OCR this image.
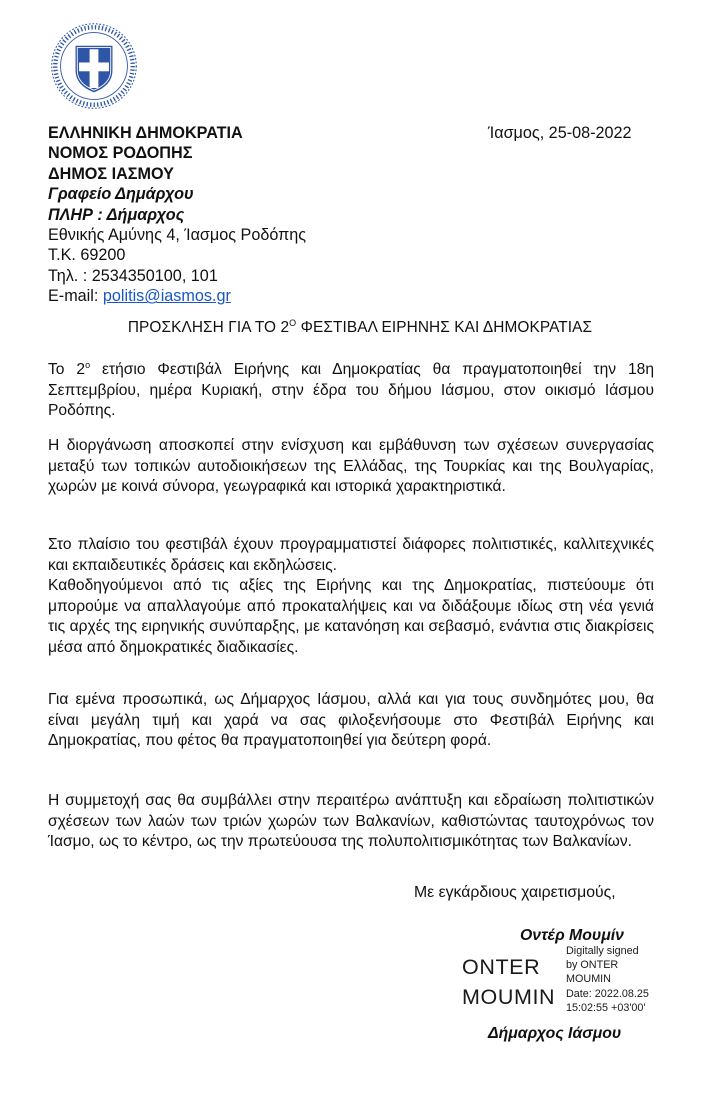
ΕΛΛΗΝΙΚΗ ΔΗΜΟΚΡΑΤΙΑ
ΝΟΜΟΣ ΡΟΔΟΠΗΣ
ΔΗΜΟΣ ΙΑΣΜΟΥ
Γραφείο Δημάρχου
ΠΛΗΡ : Δήμαρχος
Εθνικής Αμύνης 4, Ίασμος Ροδόπης
Τ.Κ. 69200
Τηλ. : 2534350100, 101
E-mail: politis@iasmos.gr
Ίασμος, 25-08-2022
ΠΡΟΣΚΛΗΣΗ ΓΙΑ ΤΟ $2^O$ ΦΕΣΤΙΒΑΛ ΕΙΡΗΝΗΣ ΚΑΙ ΔΗΜΟΚΡΑΤΙΑΣ
Το $2^o$ ετήσιο Φεστιβάλ Ειρήνης και Δημοκρατίας θα πραγματοποιηθεί την 18η Σεπτεμβρίου, ημέρα Κυριακή, στην έδρα του δήμου Ιάσμου, στον οικισμό Ιάσμου Ροδόπης.
Η διοργάνωση αποσκοπεί στην ενίσχυση και εμβάθυνση των σχέσεων συνεργασίας μεταξύ των τοπικών αυτοδιοικήσεων της Ελλάδας, της Τουρκίας και της Βουλγαρίας, χωρών με κοινά σύνορα, γεωγραφικά και ιστορικά χαρακτηριστικά.
Στο πλαίσιο του φεστιβάλ έχουν προγραμματιστεί διάφορες πολιτιστικές, καλλιτεχνικές και εκπαιδευτικές δράσεις και εκδηλώσεις.
Καθοδηγούμενοι από τις αξίες της Ειρήνης και της Δημοκρατίας, πιστεύουμε ότι μπορούμε να απαλλαγούμε από προκαταλήψεις και να διδάξουμε ιδίως στη νέα γενιά τις αρχές της ειρηνικής συνύπαρξης, με κατανόηση και σεβασμό, ενάντια στις διακρίσεις μέσα από δημοκρατικές διαδικασίες.
Για εμένα προσωπικά, ως Δήμαρχος Ιάσμου, αλλά και για τους συνδημότες μου, θα είναι μεγάλη τιμή και χαρά να σας φιλοξενήσουμε στο Φεστιβάλ Ειρήνης και Δημοκρατίας, που φέτος θα πραγματοποιηθεί για δεύτερη φορά.
Η συμμετοχή σας θα συμβάλλει στην περαιτέρω ανάπτυξη και εδραίωση πολιτιστικών σχέσεων των λαών των τριών χωρών των Βαλκανίων, καθιστώντας ταυτοχρόνως τον Ίασμο, ως το κέντρο, ως την πρωτεύουσα της πολυπολιτισμικότητας των Βαλκανίων.
Με εγκάρδιους χαιρετισμούς,
Οντέρ Μουμίν
ONTER
MOUMIN
Digitally signed
by ONTER
MOUMIN
Date: 2022.08.25
15:02:55 +03'00'
Δήμαρχος Ιάσμου
